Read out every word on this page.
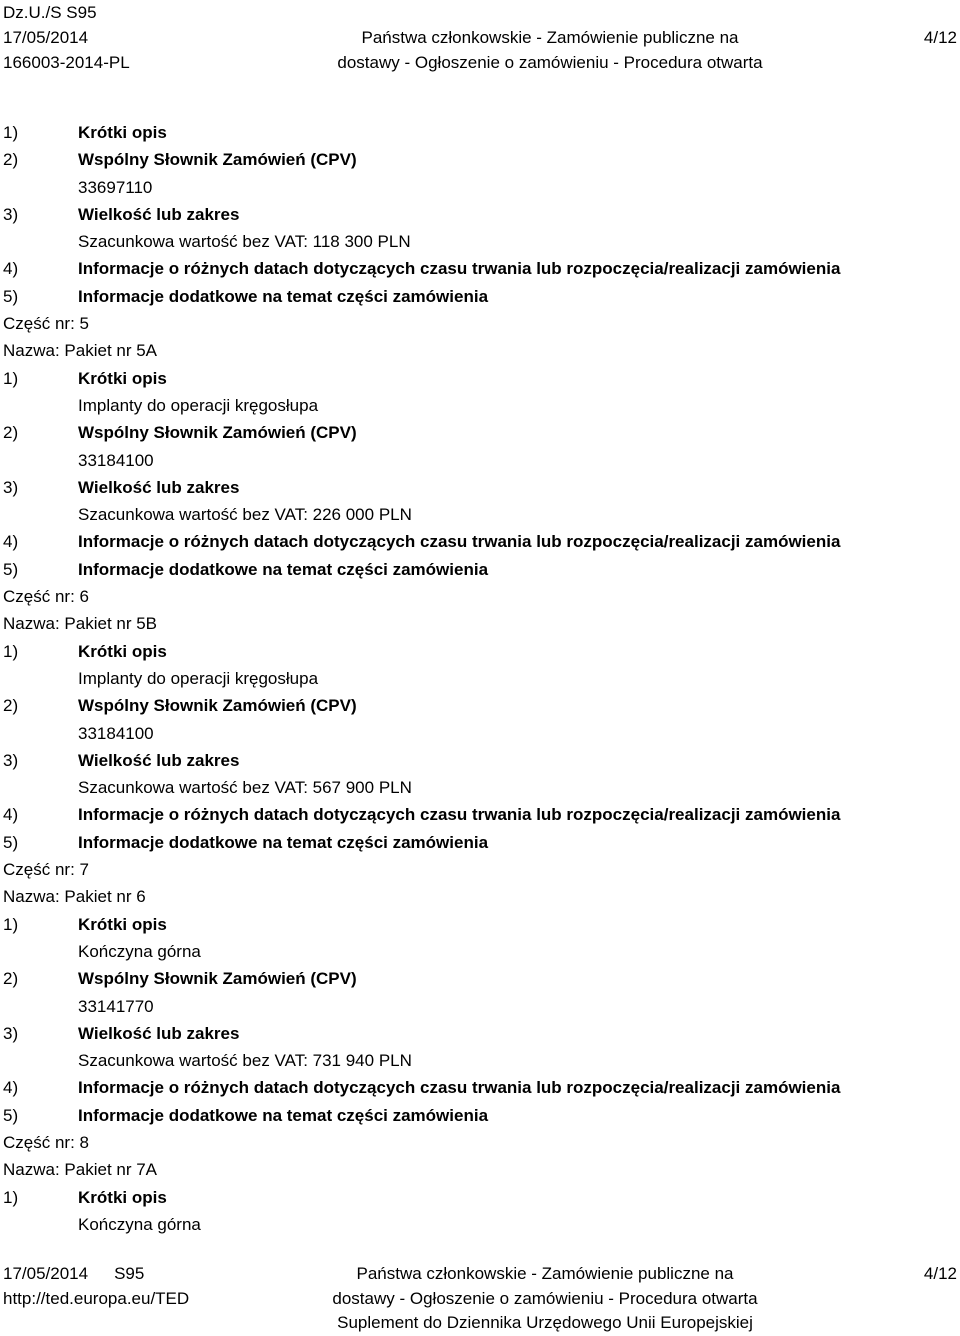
Dz.U./S S95
17/05/2014
166003-2014-PL
Państwa członkowskie - Zamówienie publiczne na
dostawy - Ogłoszenie o zamówieniu - Procedura otwarta
4/12
1)	Krótki opis
2)	Wspólny Słownik Zamówień (CPV)
33697110
3)	Wielkość lub zakres
Szacunkowa wartość bez VAT: 118 300 PLN
4)	Informacje o różnych datach dotyczących czasu trwania lub rozpoczęcia/realizacji zamówienia
5)	Informacje dodatkowe na temat części zamówienia
Część nr: 5
Nazwa: Pakiet nr 5A
1)	Krótki opis
Implanty do operacji kręgosłupa
2)	Wspólny Słownik Zamówień (CPV)
33184100
3)	Wielkość lub zakres
Szacunkowa wartość bez VAT: 226 000 PLN
4)	Informacje o różnych datach dotyczących czasu trwania lub rozpoczęcia/realizacji zamówienia
5)	Informacje dodatkowe na temat części zamówienia
Część nr: 6
Nazwa: Pakiet nr 5B
1)	Krótki opis
Implanty do operacji kręgosłupa
2)	Wspólny Słownik Zamówień (CPV)
33184100
3)	Wielkość lub zakres
Szacunkowa wartość bez VAT: 567 900 PLN
4)	Informacje o różnych datach dotyczących czasu trwania lub rozpoczęcia/realizacji zamówienia
5)	Informacje dodatkowe na temat części zamówienia
Część nr: 7
Nazwa: Pakiet nr 6
1)	Krótki opis
Kończyna górna
2)	Wspólny Słownik Zamówień (CPV)
33141770
3)	Wielkość lub zakres
Szacunkowa wartość bez VAT: 731 940 PLN
4)	Informacje o różnych datach dotyczących czasu trwania lub rozpoczęcia/realizacji zamówienia
5)	Informacje dodatkowe na temat części zamówienia
Część nr: 8
Nazwa: Pakiet nr 7A
1)	Krótki opis
Kończyna górna
17/05/2014 S95
http://ted.europa.eu/TED
Państwa członkowskie - Zamówienie publiczne na
dostawy - Ogłoszenie o zamówieniu - Procedura otwarta
Suplement do Dziennika Urzędowego Unii Europejskiej
4/12
